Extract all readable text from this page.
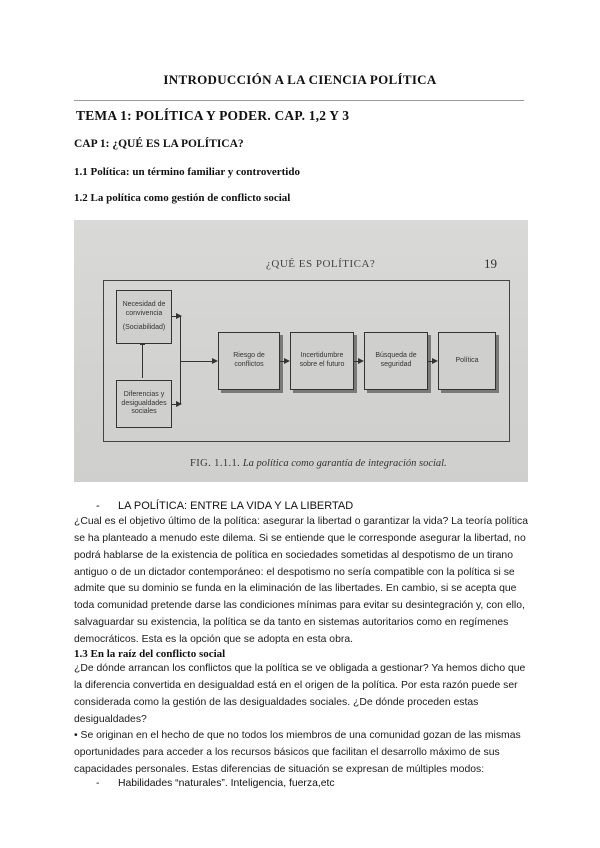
INTRODUCCIÓN A LA CIENCIA POLÍTICA
TEMA 1: POLÍTICA Y PODER. CAP. 1,2 Y 3
CAP 1: ¿QUÉ ES LA POLÍTICA?
1.1 Política: un término familiar y controvertido
1.2 La política como gestión de conflicto social
¿QUÉ ES POLÍTICA?	19
Necesidad de convivencia
(Sociabilidad)
Diferencias y desigualdades sociales
Riesgo de conflictos
Incertidumbre sobre el futuro
Búsqueda de seguridad
Política
FIG. 1.1.1. La política como garantía de integración social.
- LA POLÍTICA: ENTRE LA VIDA Y LA LIBERTAD
¿Cual es el objetivo último de la política: asegurar la libertad o garantizar la vida? La teoría política se ha planteado a menudo este dilema. Si se entiende que le corresponde asegurar la libertad, no podrá hablarse de la existencia de política en sociedades sometidas al despotismo de un tirano antiguo o de un dictador contemporáneo: el despotismo no sería compatible con la política si se admite que su dominio se funda en la eliminación de las libertades. En cambio, si se acepta que toda comunidad pretende darse las condiciones mínimas para evitar su desintegración y, con ello, salvaguardar su existencia, la política se da tanto en sistemas autoritarios como en regímenes democráticos. Esta es la opción que se adopta en esta obra.
1.3 En la raíz del conflicto social
¿De dónde arrancan los conflictos que la política se ve obligada a gestionar? Ya hemos dicho que la diferencia convertida en desigualdad está en el origen de la política. Por esta razón puede ser considerada como la gestión de las desigualdades sociales. ¿De dónde proceden estas desigualdades?
• Se originan en el hecho de que no todos los miembros de una comunidad gozan de las mismas oportunidades para acceder a los recursos básicos que facilitan el desarrollo máximo de sus capacidades personales. Estas diferencias de situación se expresan de múltiples modos:
- Habilidades “naturales”. Inteligencia, fuerza,etc
